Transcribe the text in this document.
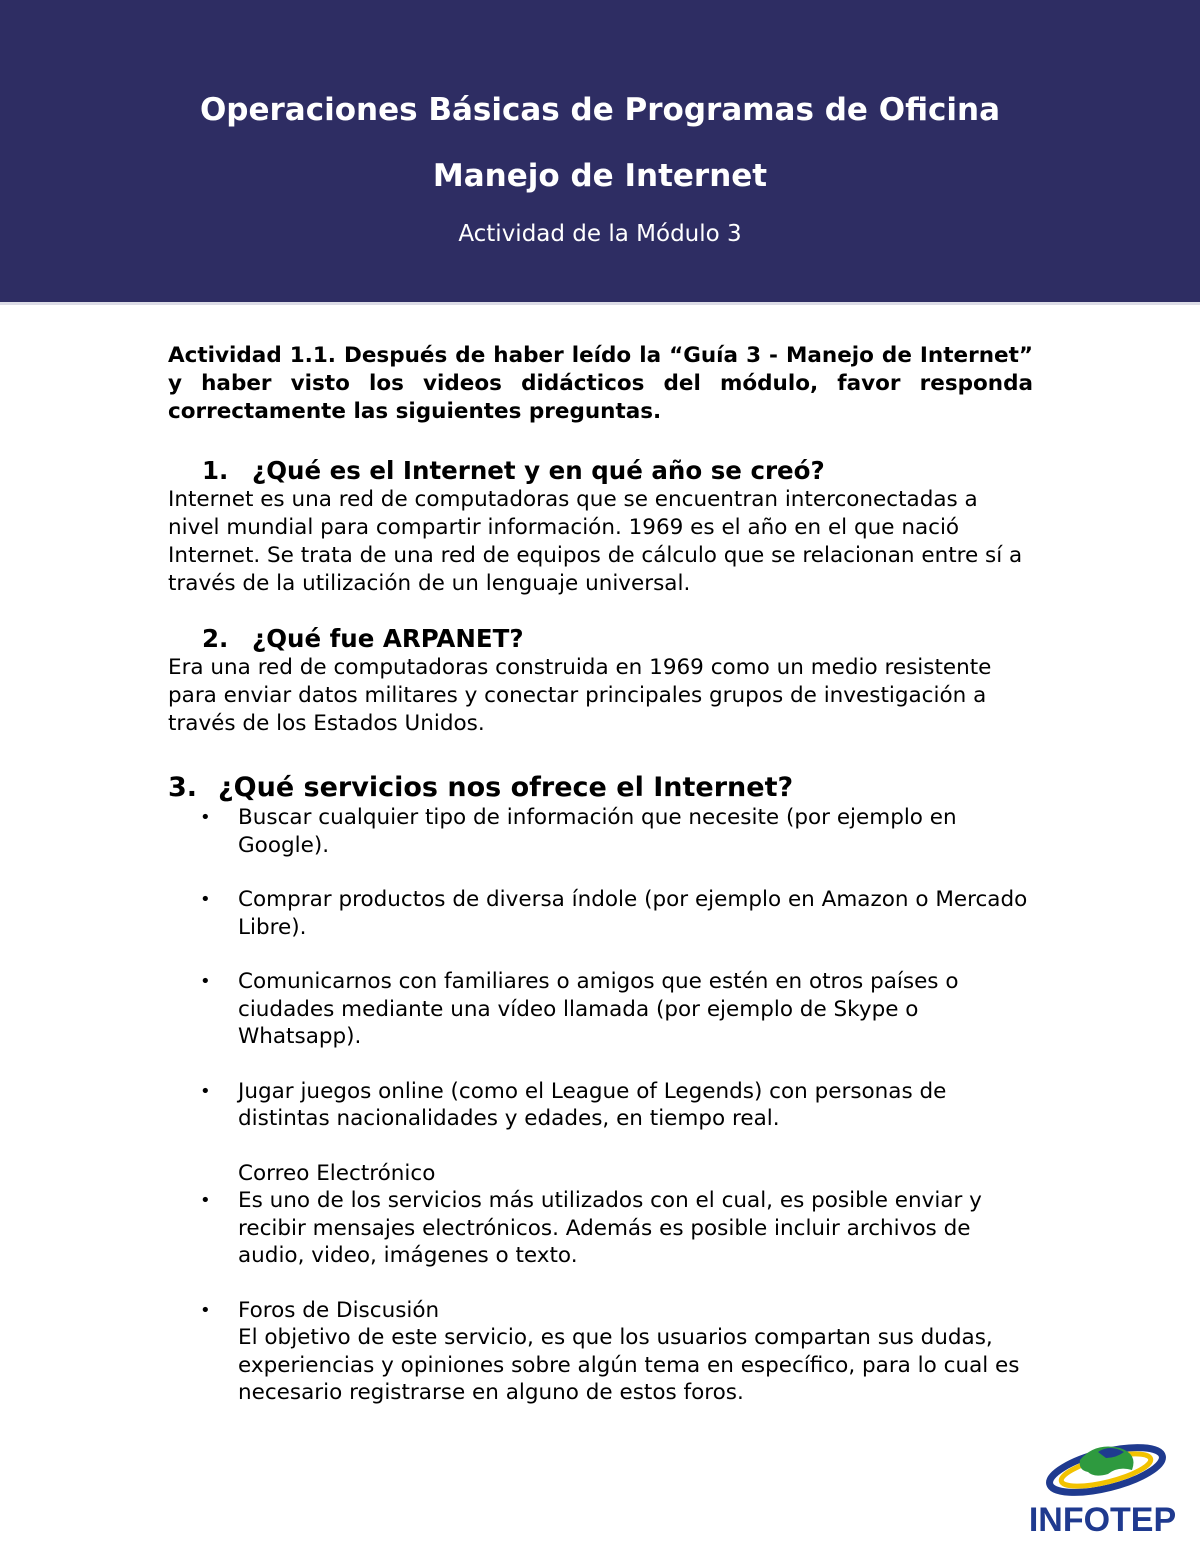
Operaciones Básicas de Programas de Oficina

Manejo de Internet

Actividad de la Módulo 3

Actividad 1.1. Después de haber leído la “Guía 3 - Manejo de Internet” y haber visto los videos didácticos del módulo, favor responda correctamente las siguientes preguntas.

1. ¿Qué es el Internet y en qué año se creó?

Internet es una red de computadoras que se encuentran interconectadas a nivel mundial para compartir información. 1969 es el año en el que nació Internet. Se trata de una red de equipos de cálculo que se relacionan entre sí a través de la utilización de un lenguaje universal.

2. ¿Qué fue ARPANET?

Era una red de computadoras construida en 1969 como un medio resistente para enviar datos militares y conectar principales grupos de investigación a través de los Estados Unidos.

3. ¿Qué servicios nos ofrece el Internet?

• Buscar cualquier tipo de información que necesite (por ejemplo en Google).
• Comprar productos de diversa índole (por ejemplo en Amazon o Mercado Libre).
• Comunicarnos con familiares o amigos que estén en otros países o ciudades mediante una vídeo llamada (por ejemplo de Skype o Whatsapp).
• Jugar juegos online (como el League of Legends) con personas de distintas nacionalidades y edades, en tiempo real.

Correo Electrónico

• Es uno de los servicios más utilizados con el cual, es posible enviar y recibir mensajes electrónicos. Además es posible incluir archivos de audio, video, imágenes o texto.
• Foros de Discusión

El objetivo de este servicio, es que los usuarios compartan sus dudas, experiencias y opiniones sobre algún tema en específico, para lo cual es necesario registrarse en alguno de estos foros.

INFOTEP
